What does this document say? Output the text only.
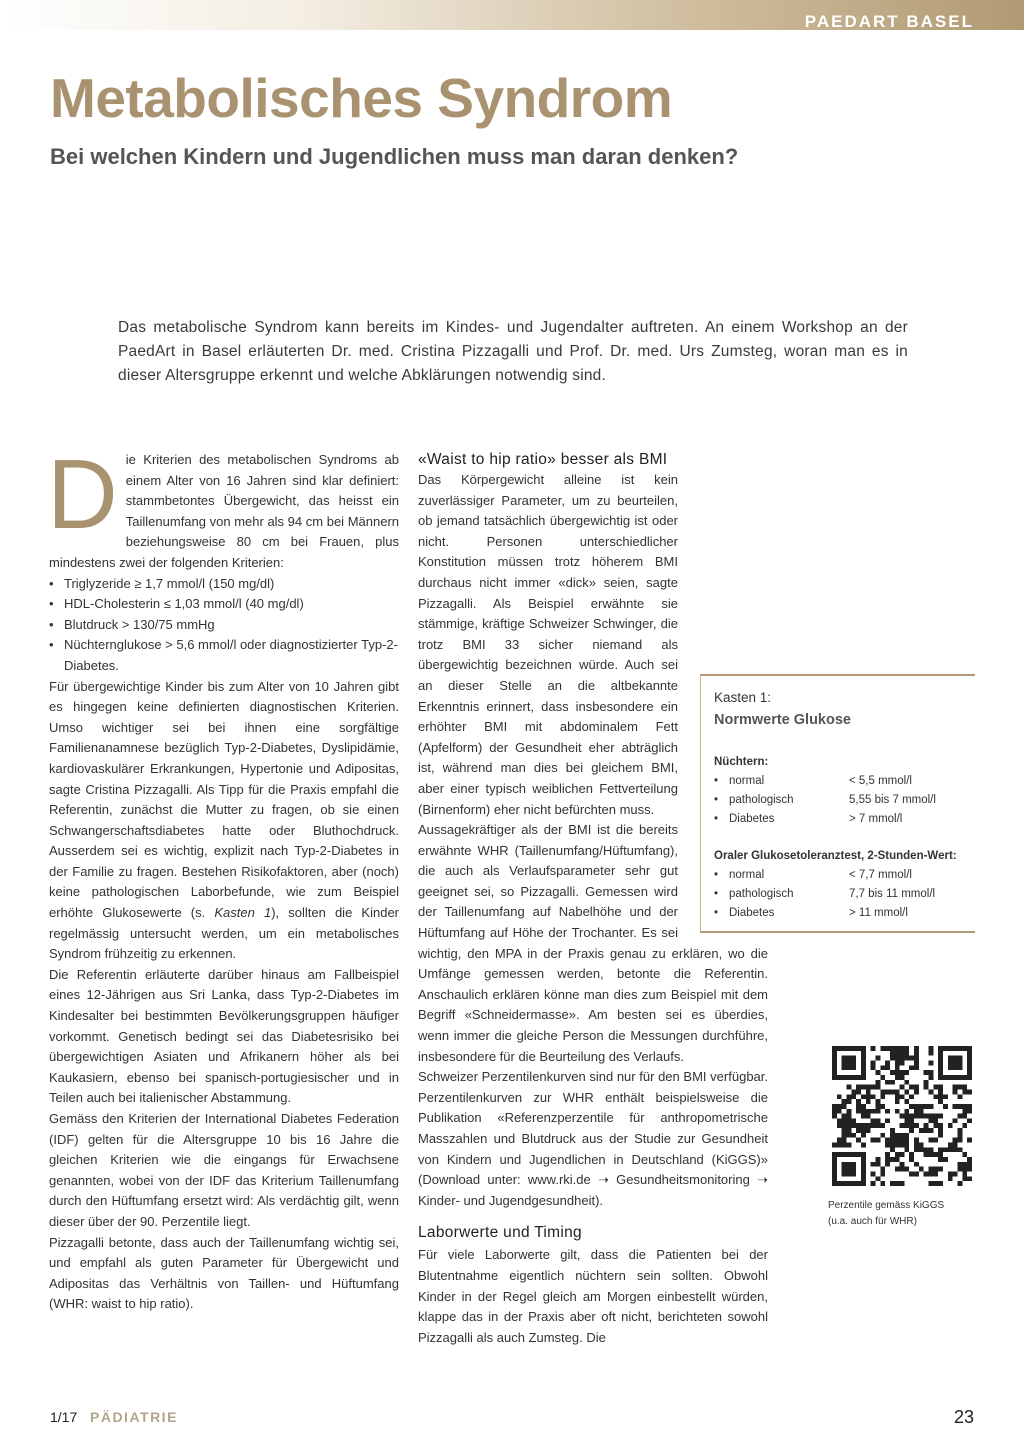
PAEDART BASEL
Metabolisches Syndrom
Bei welchen Kindern und Jugendlichen muss man daran denken?

Das metabolische Syndrom kann bereits im Kindes- und Jugendalter auftreten. An einem Workshop an der PaedArt in Basel erläuterten Dr. med. Cristina Pizzagalli und Prof. Dr. med. Urs Zumsteg, woran man es in dieser Altersgruppe erkennt und welche Abklärungen notwendig sind.

Die Kriterien des metabolischen Syndroms ab einem Alter von 16 Jahren sind klar definiert: stammbetontes Übergewicht, das heisst ein Taillenumfang von mehr als 94 cm bei Männern beziehungsweise 80 cm bei Frauen, plus mindestens zwei der folgenden Kriterien:

• Triglyzeride ≥ 1,7 mmol/l (150 mg/dl)
• HDL-Cholesterin ≤ 1,03 mmol/l (40 mg/dl)
• Blutdruck > 130/75 mmHg
• Nüchternglukose > 5,6 mmol/l oder diagnostizierter Typ-2-Diabetes.

Für übergewichtige Kinder bis zum Alter von 10 Jahren gibt es hingegen keine definierten diagnostischen Kriterien. Umso wichtiger sei bei ihnen eine sorgfältige Familienanamnese bezüglich Typ-2-Diabetes, Dyslipidämie, kardiovaskulärer Erkrankungen, Hypertonie und Adipositas, sagte Cristina Pizzagalli. Als Tipp für die Praxis empfahl die Referentin, zunächst die Mutter zu fragen, ob sie einen Schwangerschaftsdiabetes hatte oder Bluthochdruck. Ausserdem sei es wichtig, explizit nach Typ-2-Diabetes in der Familie zu fragen. Bestehen Risikofaktoren, aber (noch) keine pathologischen Laborbefunde, wie zum Beispiel erhöhte Glukosewerte (s. Kasten 1), sollten die Kinder regelmässig untersucht werden, um ein metabolisches Syndrom frühzeitig zu erkennen.

Die Referentin erläuterte darüber hinaus am Fallbeispiel eines 12-Jährigen aus Sri Lanka, dass Typ-2-Diabetes im Kindesalter bei bestimmten Bevölkerungsgruppen häufiger vorkommt. Genetisch bedingt sei das Diabetesrisiko bei übergewichtigen Asiaten und Afrikanern höher als bei Kaukasiern, ebenso bei spanisch-portugiesischer und in Teilen auch bei italienischer Abstammung.

Gemäss den Kriterien der International Diabetes Federation (IDF) gelten für die Altersgruppe 10 bis 16 Jahre die gleichen Kriterien wie die eingangs für Erwachsene genannten, wobei von der IDF das Kriterium Taillenumfang durch den Hüftumfang ersetzt wird: Als verdächtig gilt, wenn dieser über der 90. Perzentile liegt.

Pizzagalli betonte, dass auch der Taillenumfang wichtig sei, und empfahl als guten Parameter für Übergewicht und Adipositas das Verhältnis von Taillen- und Hüftumfang (WHR: waist to hip ratio).

«Waist to hip ratio» besser als BMI

Das Körpergewicht alleine ist kein zuverlässiger Parameter, um zu beurteilen, ob jemand tatsächlich übergewichtig ist oder nicht. Personen unterschiedlicher Konstitution müssen trotz höherem BMI durchaus nicht immer «dick» seien, sagte Pizzagalli. Als Beispiel erwähnte sie stämmige, kräftige Schweizer Schwinger, die trotz BMI 33 sicher niemand als übergewichtig bezeichnen würde. Auch sei an dieser Stelle an die altbekannte Erkenntnis erinnert, dass insbesondere ein erhöhter BMI mit abdominalem Fett (Apfelform) der Gesundheit eher abträglich ist, während man dies bei gleichem BMI, aber einer typisch weiblichen Fettverteilung (Birnenform) eher nicht befürchten muss.

Aussagekräftiger als der BMI ist die bereits erwähnte WHR (Taillenumfang/Hüftumfang), die auch als Verlaufsparameter sehr gut geeignet sei, so Pizzagalli. Gemessen wird der Taillenumfang auf Nabelhöhe und der Hüftumfang auf Höhe der Trochanter. Es sei wichtig, den MPA in der Praxis genau zu erklären, wo die Umfänge gemessen werden, betonte die Referentin. Anschaulich erklären könne man dies zum Beispiel mit dem Begriff «Schneidermasse». Am besten sei es überdies, wenn immer die gleiche Person die Messungen durchführe, insbesondere für die Beurteilung des Verlaufs.

Schweizer Perzentilenkurven sind nur für den BMI verfügbar. Perzentilenkurven zur WHR enthält beispielsweise die Publikation «Referenzperzentile für anthropometrische Masszahlen und Blutdruck aus der Studie zur Gesundheit von Kindern und Jugendlichen in Deutschland (KiGGS)» (Download unter: www.rki.de ➝ Gesundheitsmonitoring ➝ Kinder- und Jugendgesundheit).

Laborwerte und Timing

Für viele Laborwerte gilt, dass die Patienten bei der Blutentnahme eigentlich nüchtern sein sollten. Obwohl Kinder in der Regel gleich am Morgen einbestellt würden, klappe das in der Praxis aber oft nicht, berichteten sowohl Pizzagalli als auch Zumsteg. Die

Kasten 1:
Normwerte Glukose
Nüchtern:
• normal	< 5,5 mmol/l
• pathologisch	5,55 bis 7 mmol/l
• Diabetes	> 7 mmol/l
Oraler Glukosetoleranztest, 2-Stunden-Wert:
• normal	< 7,7 mmol/l
• pathologisch	7,7 bis 11 mmol/l
• Diabetes	> 11 mmol/l
Perzentile gemäss KiGGS
(u.a. auch für WHR)
1/17 PÄDIATRIE	23
